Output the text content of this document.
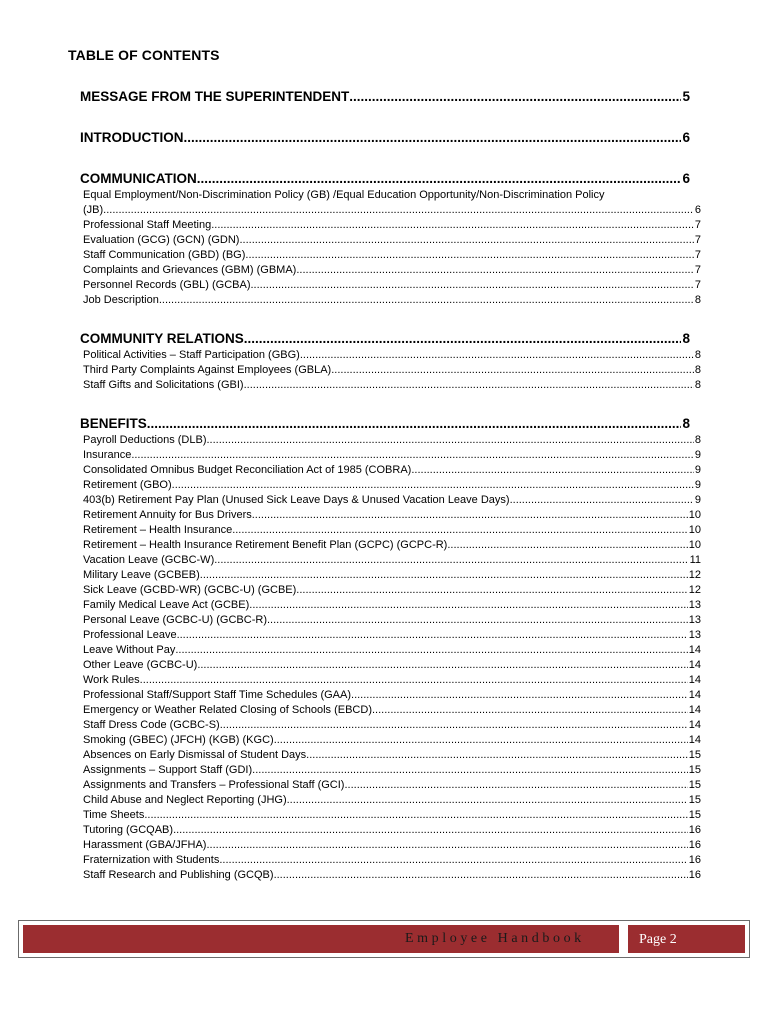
TABLE OF CONTENTS
MESSAGE FROM THE SUPERINTENDENT .....	5
INTRODUCTION .....	6
COMMUNICATION .....	6
Equal Employment/Non-Discrimination Policy (GB) /Equal Education Opportunity/Non-Discrimination Policy
(JB) .....	6
Professional Staff Meeting .....	7
Evaluation (GCG) (GCN) (GDN) .....	7
Staff Communication (GBD) (BG) .....	7
Complaints and Grievances (GBM) (GBMA) .....	7
Personnel Records (GBL) (GCBA) .....	7
Job Description .....	8
COMMUNITY RELATIONS .....	8
Political Activities – Staff Participation (GBG) .....	8
Third Party Complaints Against Employees (GBLA) .....	8
Staff Gifts and Solicitations (GBI) .....	8
BENEFITS .....	8
Payroll Deductions (DLB) .....	8
Insurance .....	9
Consolidated Omnibus Budget Reconciliation Act of 1985 (COBRA) .....	9
Retirement (GBO) .....	9
403(b) Retirement Pay Plan (Unused Sick Leave Days & Unused Vacation Leave Days) .....	9
Retirement Annuity for Bus Drivers .....	10
Retirement – Health Insurance .....	10
Retirement – Health Insurance Retirement Benefit Plan (GCPC) (GCPC-R) .....	10
Vacation Leave (GCBC-W) .....	11
Military Leave (GCBEB) .....	12
Sick Leave (GCBD-WR) (GCBC-U) (GCBE) .....	12
Family Medical Leave Act (GCBE) .....	13
Personal Leave (GCBC-U) (GCBC-R) .....	13
Professional Leave .....	13
Leave Without Pay .....	14
Other Leave (GCBC-U) .....	14
Work Rules .....	14
Professional Staff/Support Staff Time Schedules (GAA) .....	14
Emergency or Weather Related Closing of Schools (EBCD) .....	14
Staff Dress Code (GCBC-S) .....	14
Smoking (GBEC) (JFCH) (KGB) (KGC) .....	14
Absences on Early Dismissal of Student Days .....	15
Assignments – Support Staff (GDI) .....	15
Assignments and Transfers – Professional Staff (GCI) .....	15
Child Abuse and Neglect Reporting (JHG) .....	15
Time Sheets .....	15
Tutoring (GCQAB) .....	16
Harassment (GBA/JFHA) .....	16
Fraternization with Students .....	16
Staff Research and Publishing (GCQB) .....	16
Employee Handbook	Page 2
